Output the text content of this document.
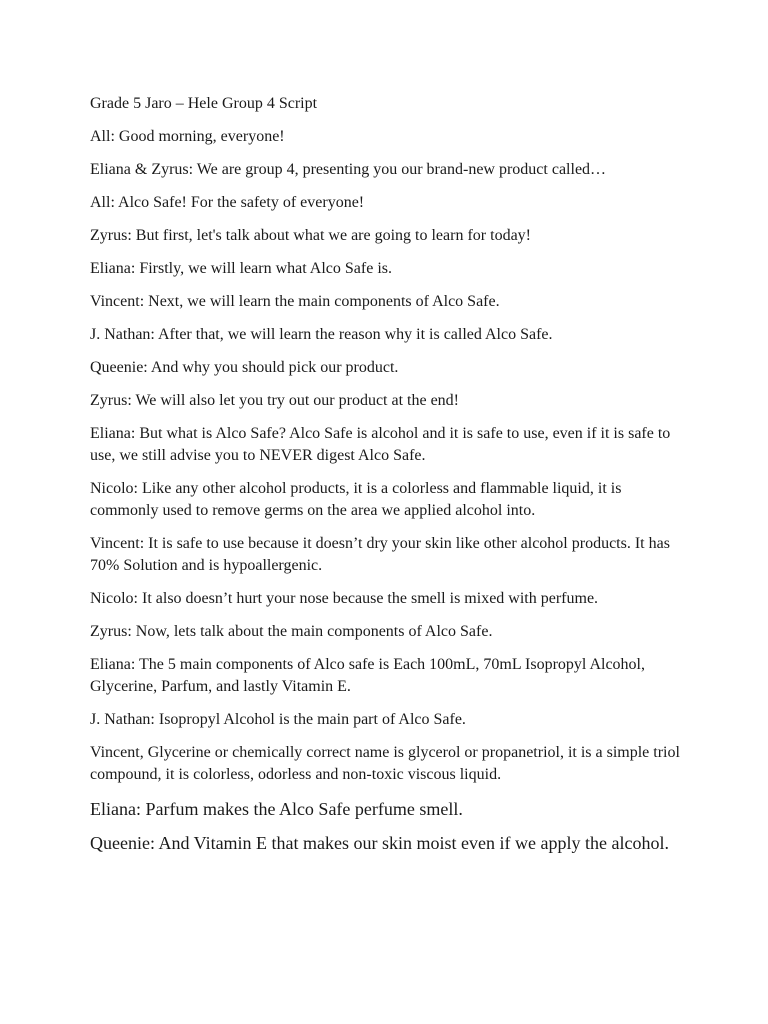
Grade 5 Jaro – Hele Group 4 Script

All: Good morning, everyone!

Eliana & Zyrus: We are group 4, presenting you our brand-new product called…

All: Alco Safe! For the safety of everyone!

Zyrus: But first, let's talk about what we are going to learn for today!

Eliana: Firstly, we will learn what Alco Safe is.

Vincent: Next, we will learn the main components of Alco Safe.

J. Nathan: After that, we will learn the reason why it is called Alco Safe.

Queenie: And why you should pick our product.

Zyrus: We will also let you try out our product at the end!

Eliana: But what is Alco Safe? Alco Safe is alcohol and it is safe to use, even if it is safe to use, we still advise you to NEVER digest Alco Safe.

Nicolo: Like any other alcohol products, it is a colorless and flammable liquid, it is commonly used to remove germs on the area we applied alcohol into.

Vincent: It is safe to use because it doesn’t dry your skin like other alcohol products. It has 70% Solution and is hypoallergenic.

Nicolo: It also doesn’t hurt your nose because the smell is mixed with perfume.

Zyrus: Now, lets talk about the main components of Alco Safe.

Eliana: The 5 main components of Alco safe is Each 100mL, 70mL Isopropyl Alcohol, Glycerine, Parfum, and lastly Vitamin E.

J. Nathan: Isopropyl Alcohol is the main part of Alco Safe.

Vincent, Glycerine or chemically correct name is glycerol or propanetriol, it is a simple triol compound, it is colorless, odorless and non-toxic viscous liquid.

Eliana: Parfum makes the Alco Safe perfume smell.

Queenie: And Vitamin E that makes our skin moist even if we apply the alcohol.
